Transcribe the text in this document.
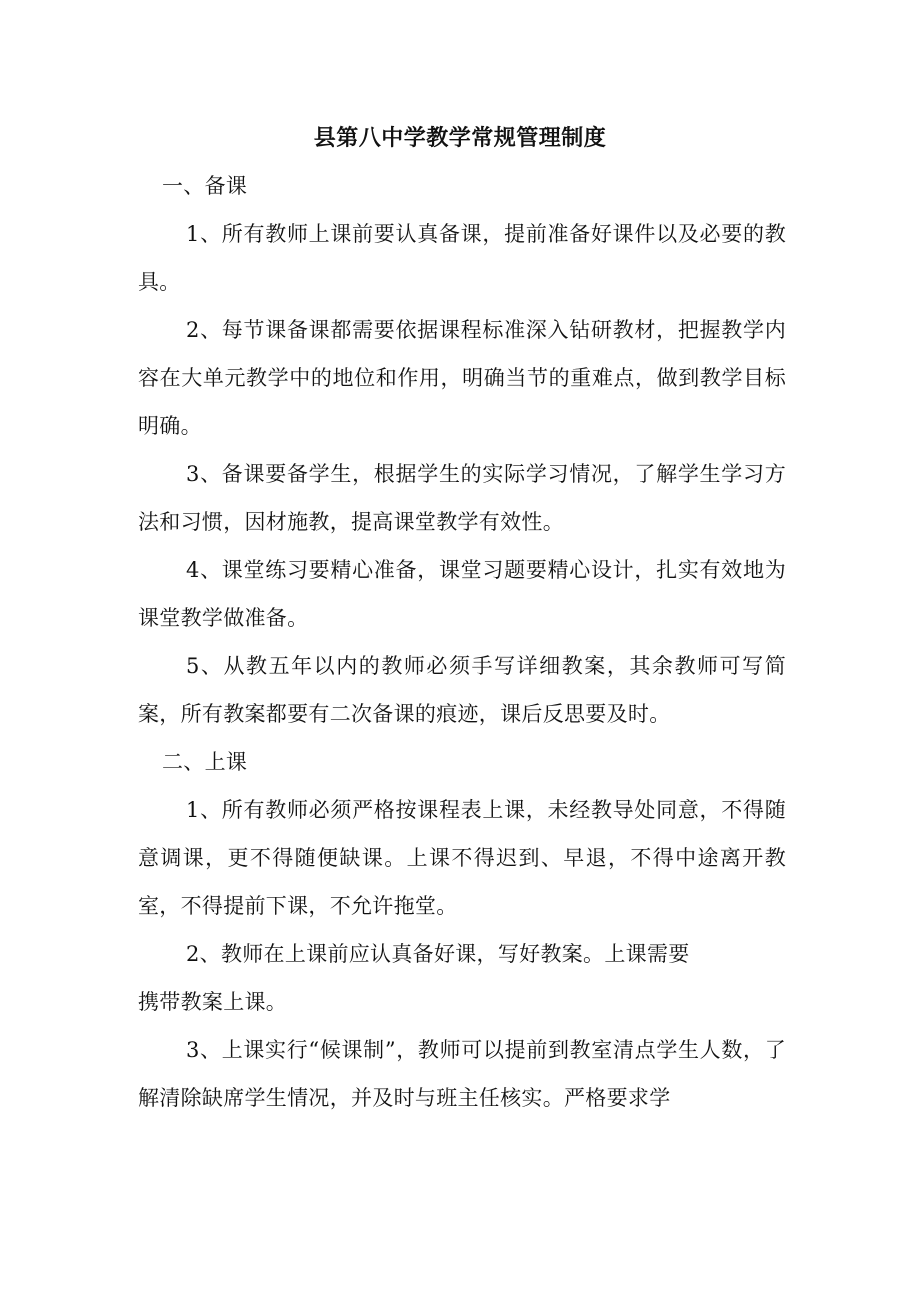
县第八中学教学常规管理制度

一、备课

1、所有教师上课前要认真备课，提前准备好课件以及必要的教具。

2、每节课备课都需要依据课程标准深入钻研教材，把握教学内容在大单元教学中的地位和作用，明确当节的重难点，做到教学目标明确。

3、备课要备学生，根据学生的实际学习情况，了解学生学习方法和习惯，因材施教，提高课堂教学有效性。

4、课堂练习要精心准备，课堂习题要精心设计，扎实有效地为课堂教学做准备。

5、从教五年以内的教师必须手写详细教案，其余教师可写简案，所有教案都要有二次备课的痕迹，课后反思要及时。

二、上课

1、所有教师必须严格按课程表上课，未经教导处同意，不得随意调课，更不得随便缺课。上课不得迟到、早退，不得中途离开教室，不得提前下课，不允许拖堂。

2、教师在上课前应认真备好课，写好教案。上课需要

携带教案上课。

3、上课实行“候课制”，教师可以提前到教室清点学生人数，了解清除缺席学生情况，并及时与班主任核实。严格要求学
